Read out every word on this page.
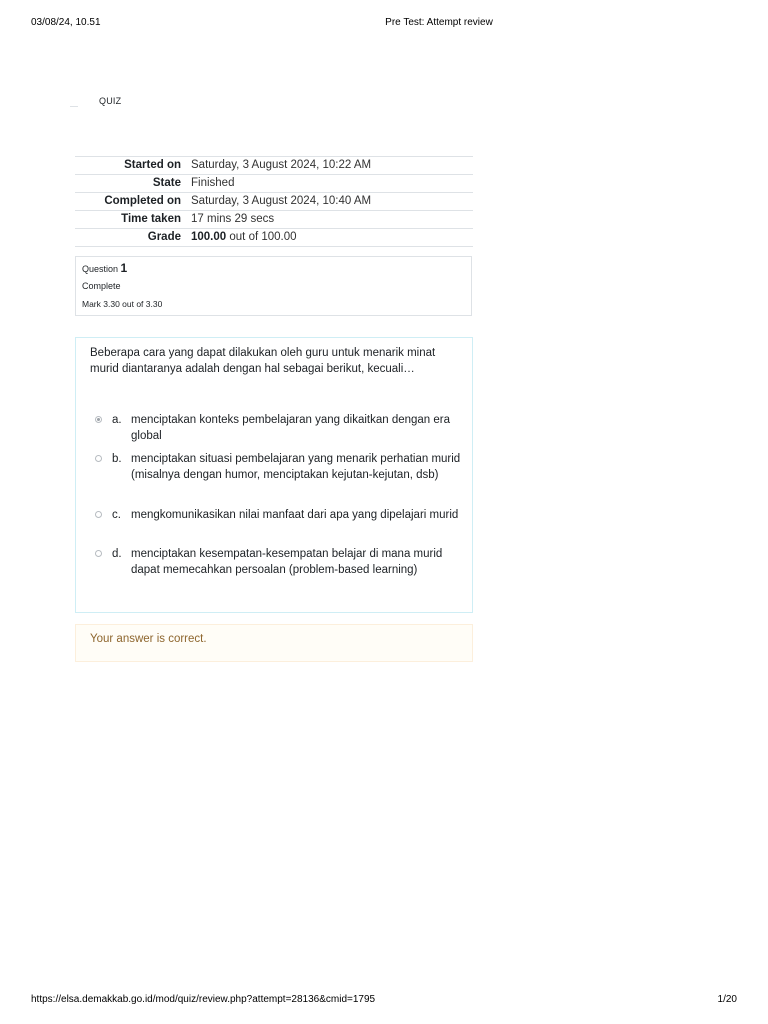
03/08/24, 10.51	Pre Test: Attempt review
QUIZ
Started on	Saturday, 3 August 2024, 10:22 AM
State	Finished
Completed on	Saturday, 3 August 2024, 10:40 AM
Time taken	17 mins 29 secs
Grade	100.00 out of 100.00
Question 1
Complete
Mark 3.30 out of 3.30
Beberapa cara yang dapat dilakukan oleh guru untuk menarik minat murid diantaranya adalah dengan hal sebagai berikut, kecuali…
a. menciptakan konteks pembelajaran yang dikaitkan dengan era global
b. menciptakan situasi pembelajaran yang menarik perhatian murid (misalnya dengan humor, menciptakan kejutan-kejutan, dsb)
c. mengkomunikasikan nilai manfaat dari apa yang dipelajari murid
d. menciptakan kesempatan-kesempatan belajar di mana murid dapat memecahkan persoalan (problem-based learning)
Your answer is correct.
https://elsa.demakkab.go.id/mod/quiz/review.php?attempt=28136&cmid=1795	1/20
